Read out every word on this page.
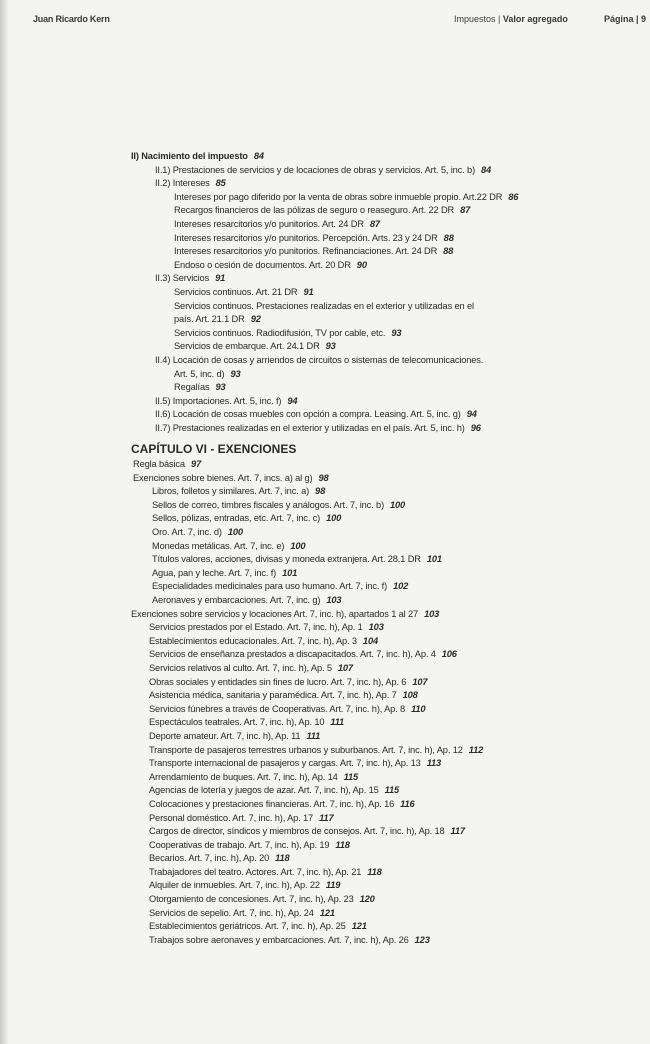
Juan Ricardo Kern	Impuestos | Valor agregado	Página | 9
II) Nacimiento del impuesto 84
II.1) Prestaciones de servicios y de locaciones de obras y servicios. Art. 5, inc. b) 84
II.2) Intereses 85
Intereses por pago diferido por la venta de obras sobre inmueble propio. Art.22 DR 86
Recargos financieros de las pólizas de seguro o reaseguro. Art. 22 DR 87
Intereses resarcitorios y/o punitorios. Art. 24 DR 87
Intereses resarcitorios y/o punitorios. Percepción. Arts. 23 y 24 DR 88
Intereses resarcitorios y/o punitorios. Refinanciaciones. Art. 24 DR 88
Endoso o cesión de documentos. Art. 20 DR 90
II.3) Servicios 91
Servicios continuos. Art. 21 DR 91
Servicios continuos. Prestaciones realizadas en el exterior y utilizadas en el
país. Art. 21.1 DR 92
Servicios continuos. Radiodifusión, TV por cable, etc. 93
Servicios de embarque. Art. 24.1 DR 93
II.4) Locación de cosas y arriendos de circuitos o sistemas de telecomunicaciones.
Art. 5, inc. d) 93
Regalías 93
II.5) Importaciones. Art. 5, inc. f) 94
II.6) Locación de cosas muebles con opción a compra. Leasing. Art. 5, inc. g) 94
II.7) Prestaciones realizadas en el exterior y utilizadas en el país. Art. 5, inc. h) 96
CAPÍTULO VI - EXENCIONES
Regla básica 97
Exenciones sobre bienes. Art. 7, incs. a) al g) 98
Libros, folletos y similares. Art. 7, inc. a) 98
Sellos de correo, timbres fiscales y análogos. Art. 7, inc. b) 100
Sellos, pólizas, entradas, etc. Art. 7, inc. c) 100
Oro. Art. 7, inc. d) 100
Monedas metálicas. Art. 7, inc. e) 100
Títulos valores, acciones, divisas y moneda extranjera. Art. 28.1 DR 101
Agua, pan y leche. Art. 7, inc. f) 101
Especialidades medicinales para uso humano. Art. 7, inc. f) 102
Aeronaves y embarcaciones. Art. 7, inc. g) 103
Exenciones sobre servicios y locaciones Art. 7, inc. h), apartados 1 al 27 103
Servicios prestados por el Estado. Art. 7, inc. h), Ap. 1 103
Establecimientos educacionales. Art. 7, inc. h), Ap. 3 104
Servicios de enseñanza prestados a discapacitados. Art. 7, inc. h), Ap. 4 106
Servicios relativos al culto. Art. 7, inc. h), Ap. 5 107
Obras sociales y entidades sin fines de lucro. Art. 7, inc. h), Ap. 6 107
Asistencia médica, sanitaria y paramédica. Art. 7, inc. h), Ap. 7 108
Servicios fúnebres a través de Cooperativas. Art. 7, inc. h), Ap. 8 110
Espectáculos teatrales. Art. 7, inc. h), Ap. 10 111
Deporte amateur. Art. 7, inc. h), Ap. 11 111
Transporte de pasajeros terrestres urbanos y suburbanos. Art. 7, inc. h), Ap. 12 112
Transporte internacional de pasajeros y cargas. Art. 7, inc. h), Ap. 13 113
Arrendamiento de buques. Art. 7, inc. h), Ap. 14 115
Agencias de lotería y juegos de azar. Art. 7, inc. h), Ap. 15 115
Colocaciones y prestaciones financieras. Art. 7, inc. h), Ap. 16 116
Personal doméstico. Art. 7, inc. h), Ap. 17 117
Cargos de director, síndicos y miembros de consejos. Art. 7, inc. h), Ap. 18 117
Cooperativas de trabajo. Art. 7, inc. h), Ap. 19 118
Becarios. Art. 7, inc. h), Ap. 20 118
Trabajadores del teatro. Actores. Art. 7, inc. h), Ap. 21 118
Alquiler de inmuebles. Art. 7, inc. h), Ap. 22 119
Otorgamiento de concesiones. Art. 7, inc. h), Ap. 23 120
Servicios de sepelio. Art. 7, inc. h), Ap. 24 121
Establecimientos geriátricos. Art. 7, inc. h), Ap. 25 121
Trabajos sobre aeronaves y embarcaciones. Art. 7, inc. h), Ap. 26 123
